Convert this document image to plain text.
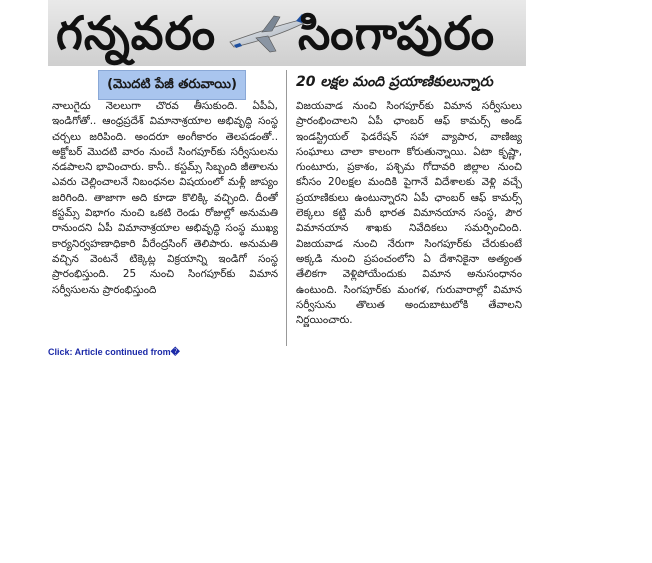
గన్నవరం సింగాపురం
(మొదటి పేజీ తరువాయి)	20 లక్షల మంది ప్రయాణికులున్నారు
నాలుగైదు నెలలుగా చొరవ తీసుకుంది. ఏపీఏ, ఇండిగోతో.. ఆంధ్రప్రదేశ్ విమానాశ్రయాల అభివృద్ధి సంస్థ చర్చలు జరిపింది. అందరూ అంగీకారం తెలపడంతో.. అక్టోబర్ మొదటి వారం నుంచే సింగపూర్‌కు సర్వీసులను నడపాలని భావించారు. కానీ.. కస్టమ్స్ సిబ్బంది జీతాలను ఎవరు చెల్లించాలనే నిబంధనల విషయంలో మళ్లీ జాప్యం జరిగింది. తాజాగా అది కూడా కొలిక్కి వచ్చింది. దీంతో కస్టమ్స్ విభాగం నుంచి ఒకటి రెండు రోజుల్లో అనుమతి రానుందని ఏపీ విమానాశ్రయాల అభివృద్ధి సంస్థ ముఖ్య కార్యనిర్వహణాధికారి వీరేంద్రసింగ్ తెలిపారు. అనుమతి వచ్చిన వెంటనే టిక్కెట్ల విక్రయాన్ని ఇండిగో సంస్థ ప్రారంభిస్తుంది. 25 నుంచి సింగపూర్‌కు విమాన సర్వీసులను ప్రారంభిస్తుంది
విజయవాడ నుంచి సింగపూర్‌కు విమాన సర్వీసులు ప్రారంభించాలని ఏపీ ఛాంబర్ ఆఫ్ కామర్స్ అండ్ ఇండస్ట్రియల్ ఫెడరేషన్ సహా వ్యాపార, వాణిజ్య సంఘాలు చాలా కాలంగా కోరుతున్నాయి. ఏటా కృష్ణా, గుంటూరు, ప్రకాశం, పశ్చిమ గోదావరి జిల్లాల నుంచి కనీసం 20లక్షల మందికి పైగానే విదేశాలకు వెళ్లి వచ్చే ప్రయాణికులు ఉంటున్నారని ఏపీ ఛాంబర్ ఆఫ్ కామర్స్ లెక్కలు కట్టి మరీ భారత విమానయాన సంస్థ, పౌర విమానయాన శాఖకు నివేదికలు సమర్పించింది. విజయవాడ నుంచి నేరుగా సింగపూర్‌కు చేరుకుంటే అక్కడి నుంచి ప్రపంచంలోని ఏ దేశానికైనా అత్యంత తేలికగా వెళ్లిపోయేందుకు విమాన అనుసంధానం ఉంటుంది. సింగపూర్‌కు మంగళ, గురువారాల్లో విమాన సర్వీసును తొలుత అందుబాటులోకి తేవాలని నిర్ణయించారు.
Click: Article continued from�
